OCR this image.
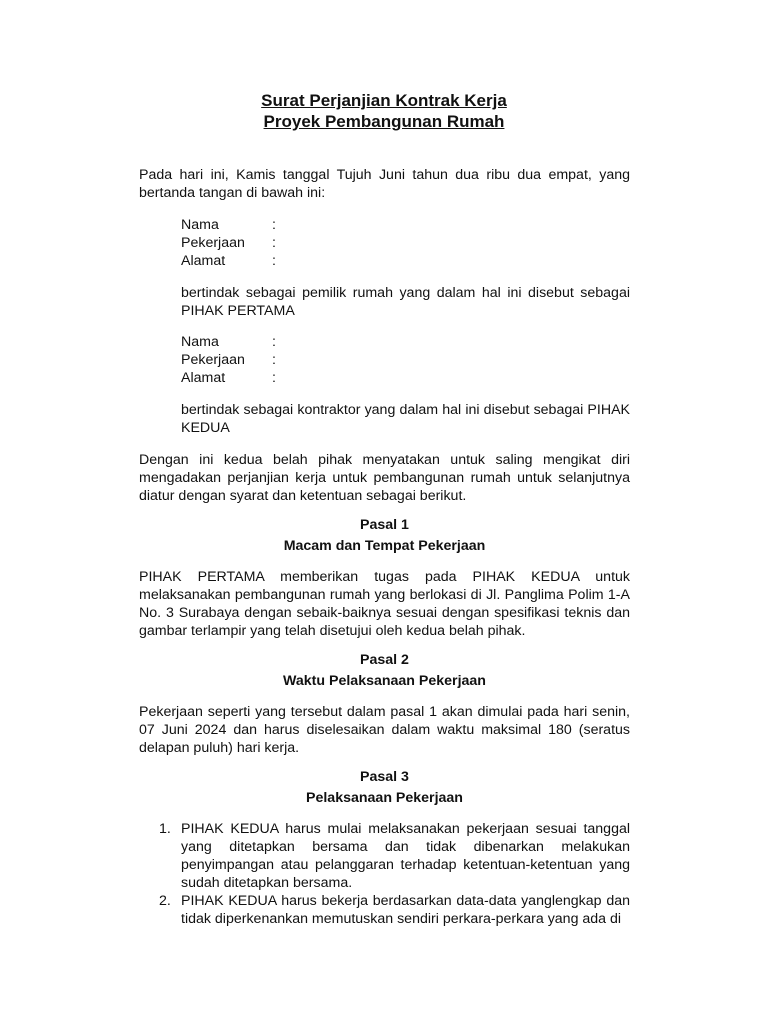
Surat Perjanjian Kontrak Kerja

Proyek Pembangunan Rumah

Pada hari ini, Kamis tanggal Tujuh Juni tahun dua ribu dua empat, yang bertanda tangan di bawah ini:

Nama	:
Pekerjaan	:
Alamat	:

bertindak sebagai pemilik rumah yang dalam hal ini disebut sebagai PIHAK PERTAMA

Nama	:
Pekerjaan	:
Alamat	:

bertindak sebagai kontraktor yang dalam hal ini disebut sebagai PIHAK KEDUA

Dengan ini kedua belah pihak menyatakan untuk saling mengikat diri mengadakan perjanjian kerja untuk pembangunan rumah untuk selanjutnya diatur dengan syarat dan ketentuan sebagai berikut.

Pasal 1

Macam dan Tempat Pekerjaan

PIHAK PERTAMA memberikan tugas pada PIHAK KEDUA untuk melaksanakan pembangunan rumah yang berlokasi di Jl. Panglima Polim 1-A No. 3 Surabaya dengan sebaik-baiknya sesuai dengan spesifikasi teknis dan gambar terlampir yang telah disetujui oleh kedua belah pihak.

Pasal 2

Waktu Pelaksanaan Pekerjaan

Pekerjaan seperti yang tersebut dalam pasal 1 akan dimulai pada hari senin, 07 Juni 2024 dan harus diselesaikan dalam waktu maksimal 180 (seratus delapan puluh) hari kerja.

Pasal 3

Pelaksanaan Pekerjaan

1. PIHAK KEDUA harus mulai melaksanakan pekerjaan sesuai tanggal yang ditetapkan bersama dan tidak dibenarkan melakukan penyimpangan atau pelanggaran terhadap ketentuan-ketentuan yang sudah ditetapkan bersama.
2. PIHAK KEDUA harus bekerja berdasarkan data-data yanglengkap dan tidak diperkenankan memutuskan sendiri perkara-perkara yang ada di
